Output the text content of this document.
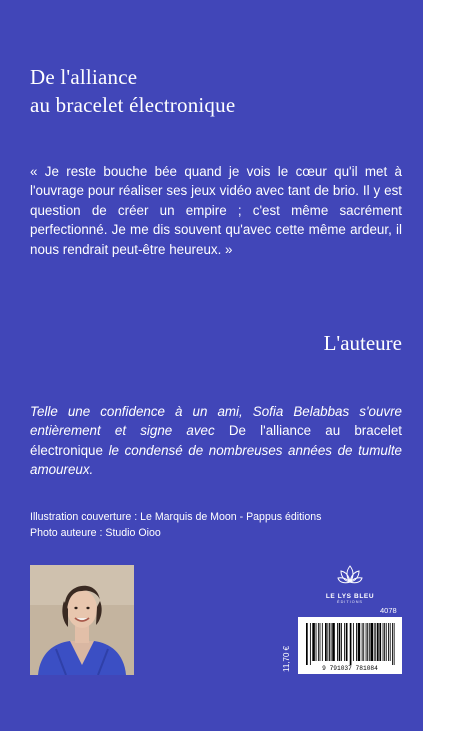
De l'alliance
au bracelet électronique

« Je reste bouche bée quand je vois le cœur qu'il met à l'ouvrage pour réaliser ses jeux vidéo avec tant de brio. Il y est question de créer un empire ; c'est même sacrément perfectionné. Je me dis souvent qu'avec cette même ardeur, il nous rendrait peut-être heureux. »

L'auteure

Telle une confidence à un ami, Sofia Belabbas s'ouvre entièrement et signe avec De l'alliance au bracelet électronique le condensé de nombreuses années de tumulte amoureux.

Illustration couverture : Le Marquis de Moon - Pappus éditions
Photo auteure : Studio Oioo
LE LYS BLEU
ÉDITIONS
4078
11,70 €	9 791037 781084
